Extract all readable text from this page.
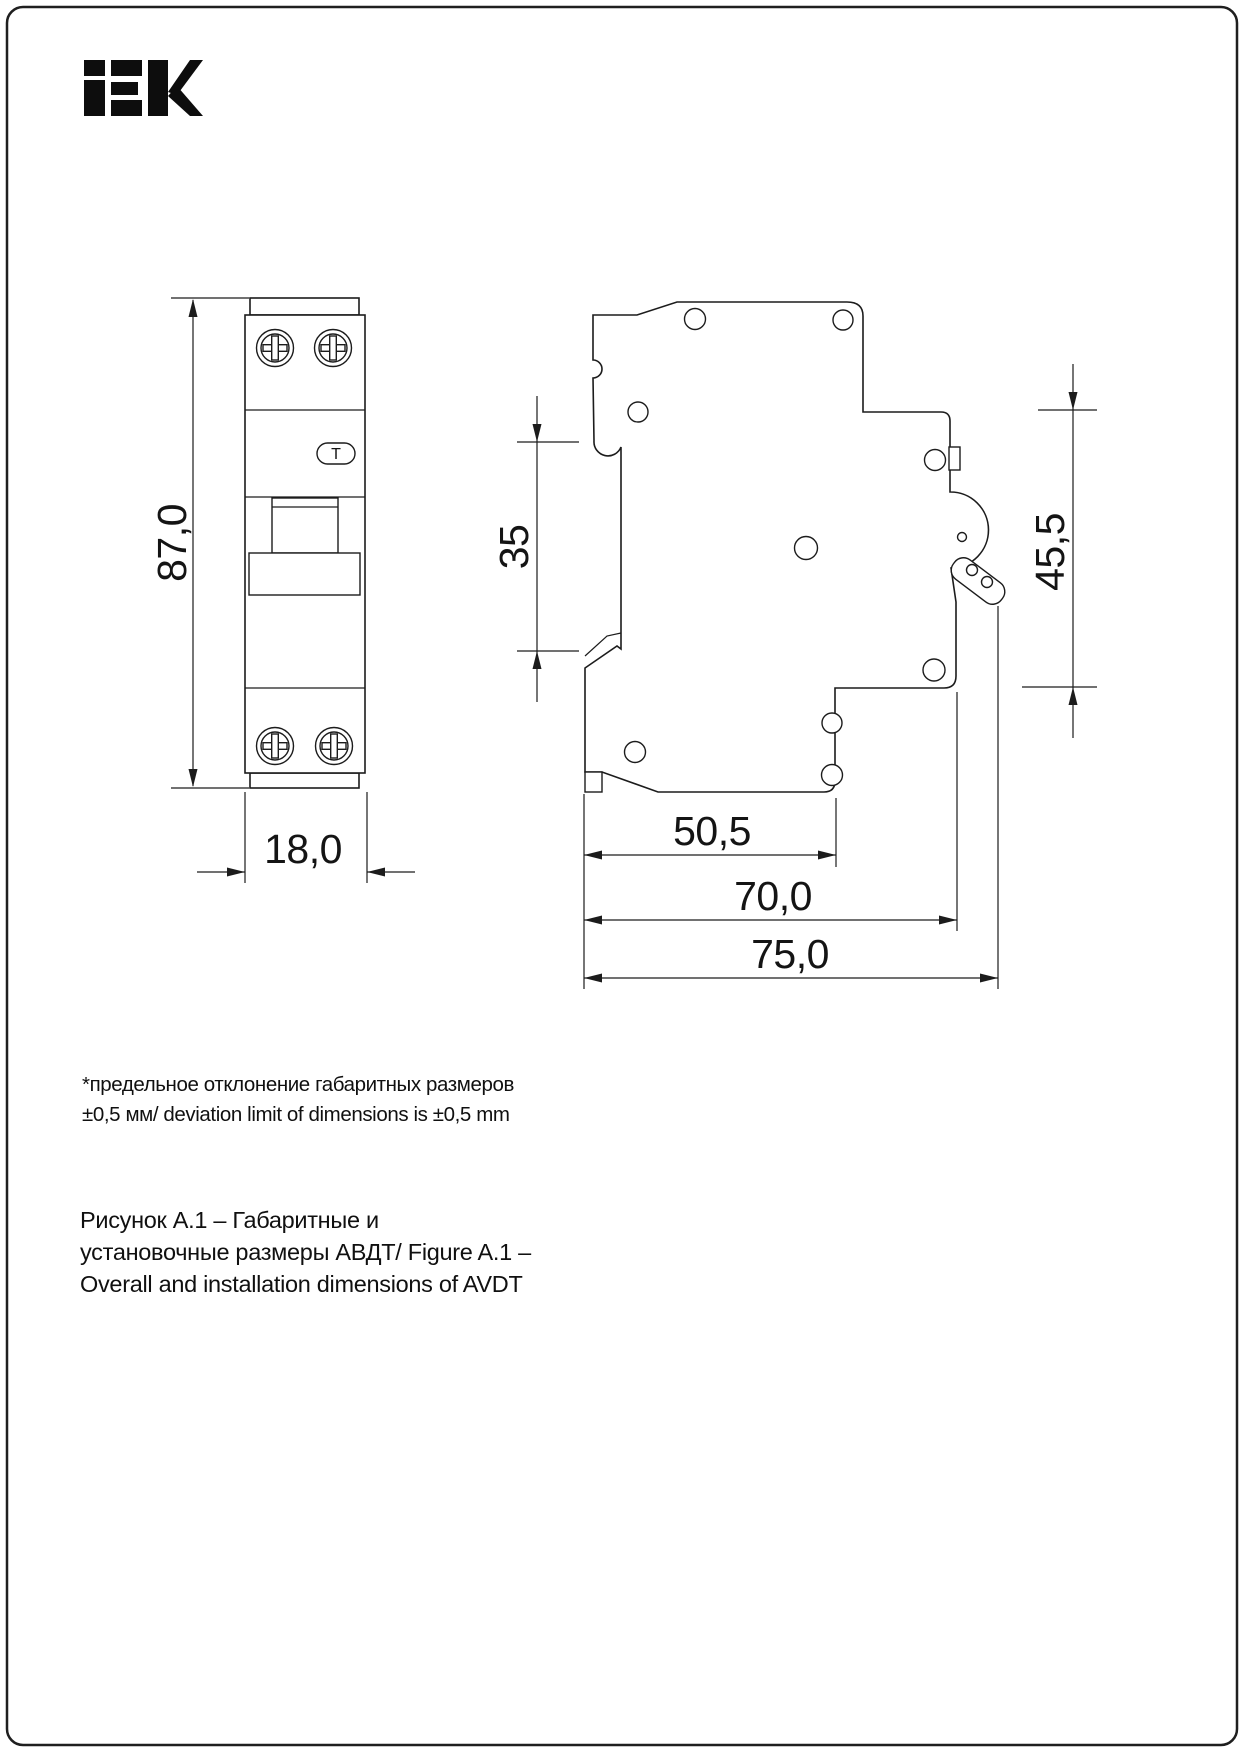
T
87,0
18,0
35	45,5
50,5
70,0
75,0
*предельное отклонение габаритных размеров
±0,5 мм/ deviation limit of dimensions is ±0,5 mm
Рисунок А.1 – Габаритные и
установочные размеры АВДТ/ Figure A.1 –
Overall and installation dimensions of AVDT
